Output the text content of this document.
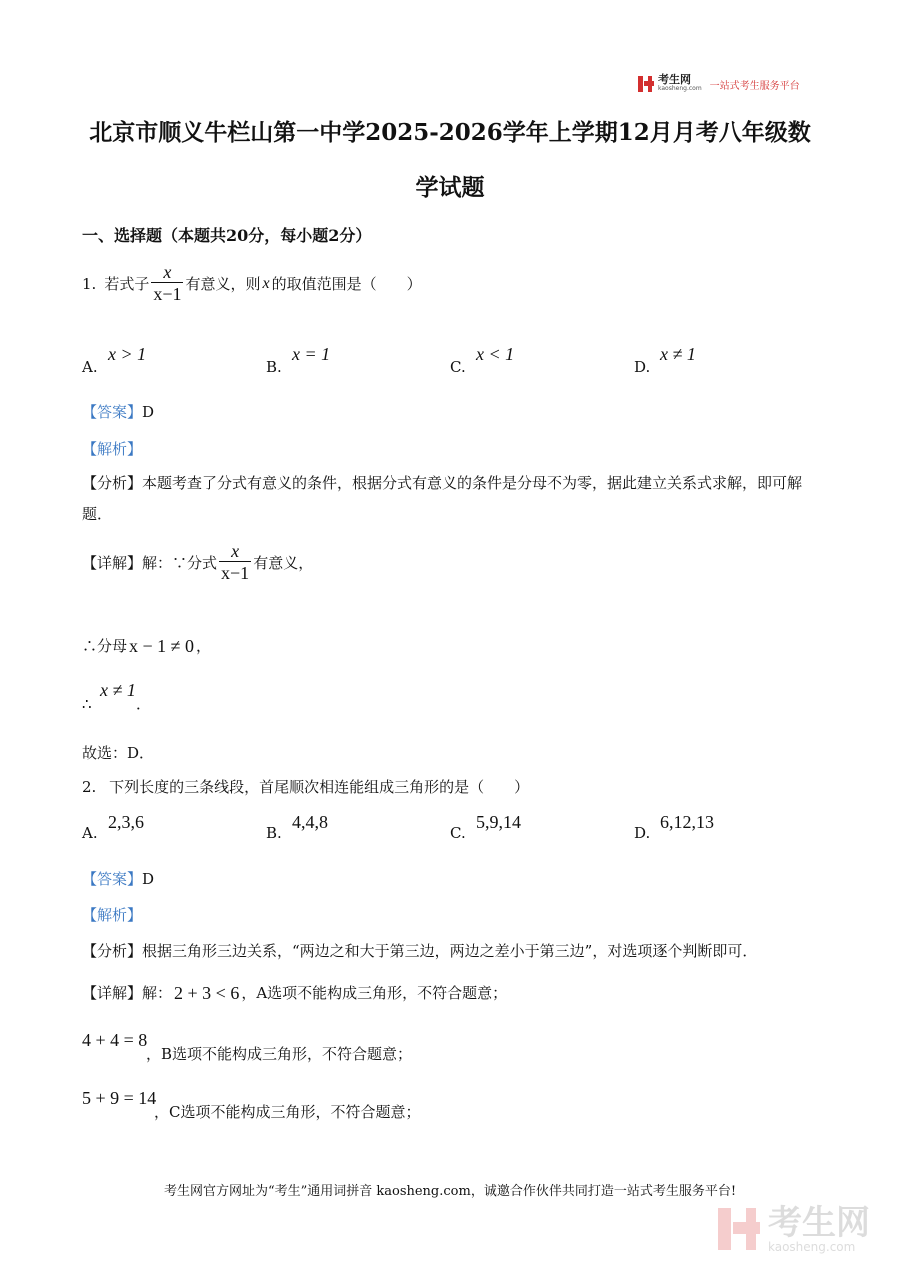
考生网
kaosheng.com 一站式考生服务平台
北京市顺义牛栏山第一中学2025-2026学年上学期12月月考八年级数
学试题
一、选择题（本题共20分，每小题2分）
1. 若式子 $\frac{x}{x-1}$ 有意义，则 x 的取值范围是（　　）
A.
x > 1
B.
x = 1
C.
x < 1
D.
x ≠ 1
【答案】D
【解析】
【分析】本题考查了分式有意义的条件，根据分式有意义的条件是分母不为零，据此建立关系式求解，即可解题．
【详解】 解：∵分式 $\frac{x}{x-1}$ 有意义，
∴分母 x − 1 ≠ 0 ，
∴
x ≠ 1
．
故选：D．
2. 下列长度的三条线段，首尾顺次相连能组成三角形的是（　　）
A.
2,3,6
B.
4,4,8
C.
5,9,14
D.
6,12,13
【答案】D
【解析】
【分析】根据三角形三边关系，“两边之和大于第三边，两边之差小于第三边”，对选项逐个判断即可．
【详解】 解： 2 + 3 < 6 ，A选项不能构成三角形，不符合题意；
4 + 4 = 8
，B选项不能构成三角形，不符合题意；
5 + 9 = 14
，C选项不能构成三角形，不符合题意；
考生网官方网址为“考生”通用词拼音 kaosheng.com，诚邀合作伙伴共同打造一站式考生服务平台!
考生网
kaosheng.com
